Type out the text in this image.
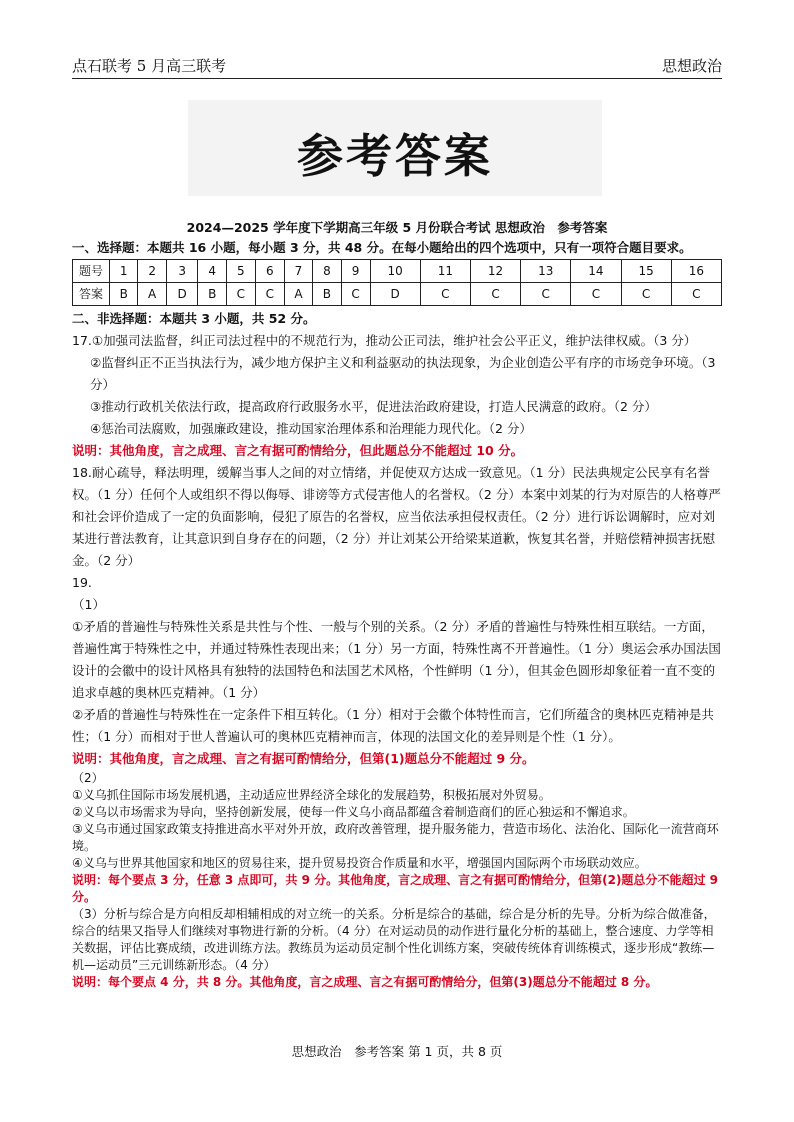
点石联考 5 月高三联考	思想政治
参考答案

2024—2025 学年度下学期高三年级 5 月份联合考试 思想政治　参考答案

一、选择题：本题共 16 小题，每小题 3 分，共 48 分。在每小题给出的四个选项中，只有一项符合题目要求。

题号	1	2	3	4	5	6	7	8	9	10	11	12	13	14	15	16
答案	B	A	D	B	C	C	A	B	C	D	C	C	C	C	C	C

二、非选择题：本题共 3 小题，共 52 分。

17.①加强司法监督，纠正司法过程中的不规范行为，推动公正司法，维护社会公平正义，维护法律权威。（3 分）

②监督纠正不正当执法行为，减少地方保护主义和利益驱动的执法现象，为企业创造公平有序的市场竞争环境。（3 分）

③推动行政机关依法行政，提高政府行政服务水平，促进法治政府建设，打造人民满意的政府。（2 分）

④惩治司法腐败，加强廉政建设，推动国家治理体系和治理能力现代化。（2 分）

说明：其他角度，言之成理、言之有据可酌情给分，但此题总分不能超过 10 分。

18.耐心疏导，释法明理，缓解当事人之间的对立情绪，并促使双方达成一致意见。（1 分）民法典规定公民享有名誉权。（1 分）任何个人或组织不得以侮辱、诽谤等方式侵害他人的名誉权。（2 分）本案中刘某的行为对原告的人格尊严和社会评价造成了一定的负面影响，侵犯了原告的名誉权，应当依法承担侵权责任。（2 分）进行诉讼调解时，应对刘某进行普法教育，让其意识到自身存在的问题，（2 分）并让刘某公开给梁某道歉，恢复其名誉，并赔偿精神损害抚慰金。（2 分）

19.

（1）

①矛盾的普遍性与特殊性关系是共性与个性、一般与个别的关系。（2 分）矛盾的普遍性与特殊性相互联结。一方面，普遍性寓于特殊性之中，并通过特殊性表现出来；（1 分）另一方面，特殊性离不开普遍性。（1 分）奥运会承办国法国设计的会徽中的设计风格具有独特的法国特色和法国艺术风格，个性鲜明（1 分），但其金色圆形却象征着一直不变的追求卓越的奥林匹克精神。（1 分）

②矛盾的普遍性与特殊性在一定条件下相互转化。（1 分）相对于会徽个体特性而言，它们所蕴含的奥林匹克精神是共性；（1 分）而相对于世人普遍认可的奥林匹克精神而言，体现的法国文化的差异则是个性（1 分）。

说明：其他角度，言之成理、言之有据可酌情给分，但第(1)题总分不能超过 9 分。

（2）

①义乌抓住国际市场发展机遇，主动适应世界经济全球化的发展趋势，积极拓展对外贸易。

②义乌以市场需求为导向，坚持创新发展，使每一件义乌小商品都蕴含着制造商们的匠心独运和不懈追求。

③义乌市通过国家政策支持推进高水平对外开放，政府改善管理，提升服务能力，营造市场化、法治化、国际化一流营商环境。

④义乌与世界其他国家和地区的贸易往来，提升贸易投资合作质量和水平，增强国内国际两个市场联动效应。

说明：每个要点 3 分，任意 3 点即可，共 9 分。其他角度，言之成理、言之有据可酌情给分，但第(2)题总分不能超过 9 分。

（3）分析与综合是方向相反却相辅相成的对立统一的关系。分析是综合的基础，综合是分析的先导。分析为综合做准备，综合的结果又指导人们继续对事物进行新的分析。（4 分）在对运动员的动作进行量化分析的基础上，整合速度、力学等相关数据，评估比赛成绩，改进训练方法。教练员为运动员定制个性化训练方案，突破传统体育训练模式，逐步形成“教练—机—运动员”三元训练新形态。（4 分）

说明：每个要点 4 分，共 8 分。其他角度，言之成理、言之有据可酌情给分，但第(3)题总分不能超过 8 分。

思想政治　参考答案 第 1 页，共 8 页
